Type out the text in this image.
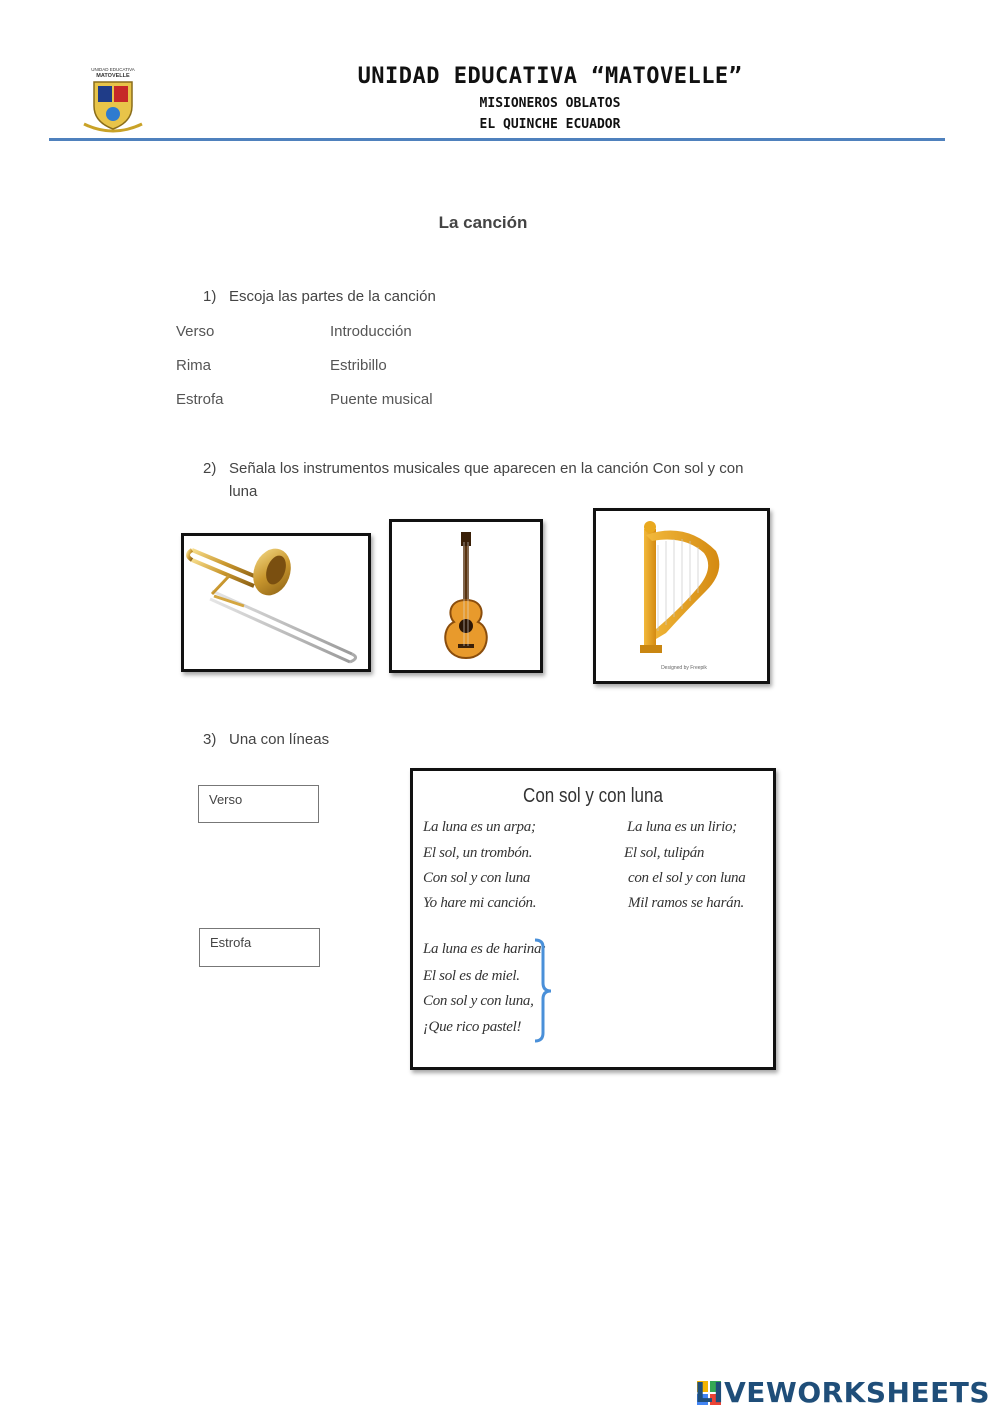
UNIDAD EDUCATIVA
MATOVELLE	UNIDAD EDUCATIVA “MATOVELLE”
MISIONEROS OBLATOS
EL QUINCHE ECUADOR
La canción
1) Escoja las partes de la canción
Verso
Rima
Estrofa
Introducción
Estribillo
Puente musical
2) Señala los instrumentos musicales que aparecen en la canción Con sol y con
luna
Designed by Freepik
3) Una con líneas
Verso
Estrofa
Con sol y con luna
La luna es un arpa;
El sol, un trombón.
Con sol y con luna
Yo hare mi canción.
La luna es un lirio;
El sol, tulipán
con el sol y con luna
Mil ramos se harán.
La luna es de harina;
El sol es de miel.
Con sol y con luna,
¡Que rico pastel!
LIVEWORKSHEETS
